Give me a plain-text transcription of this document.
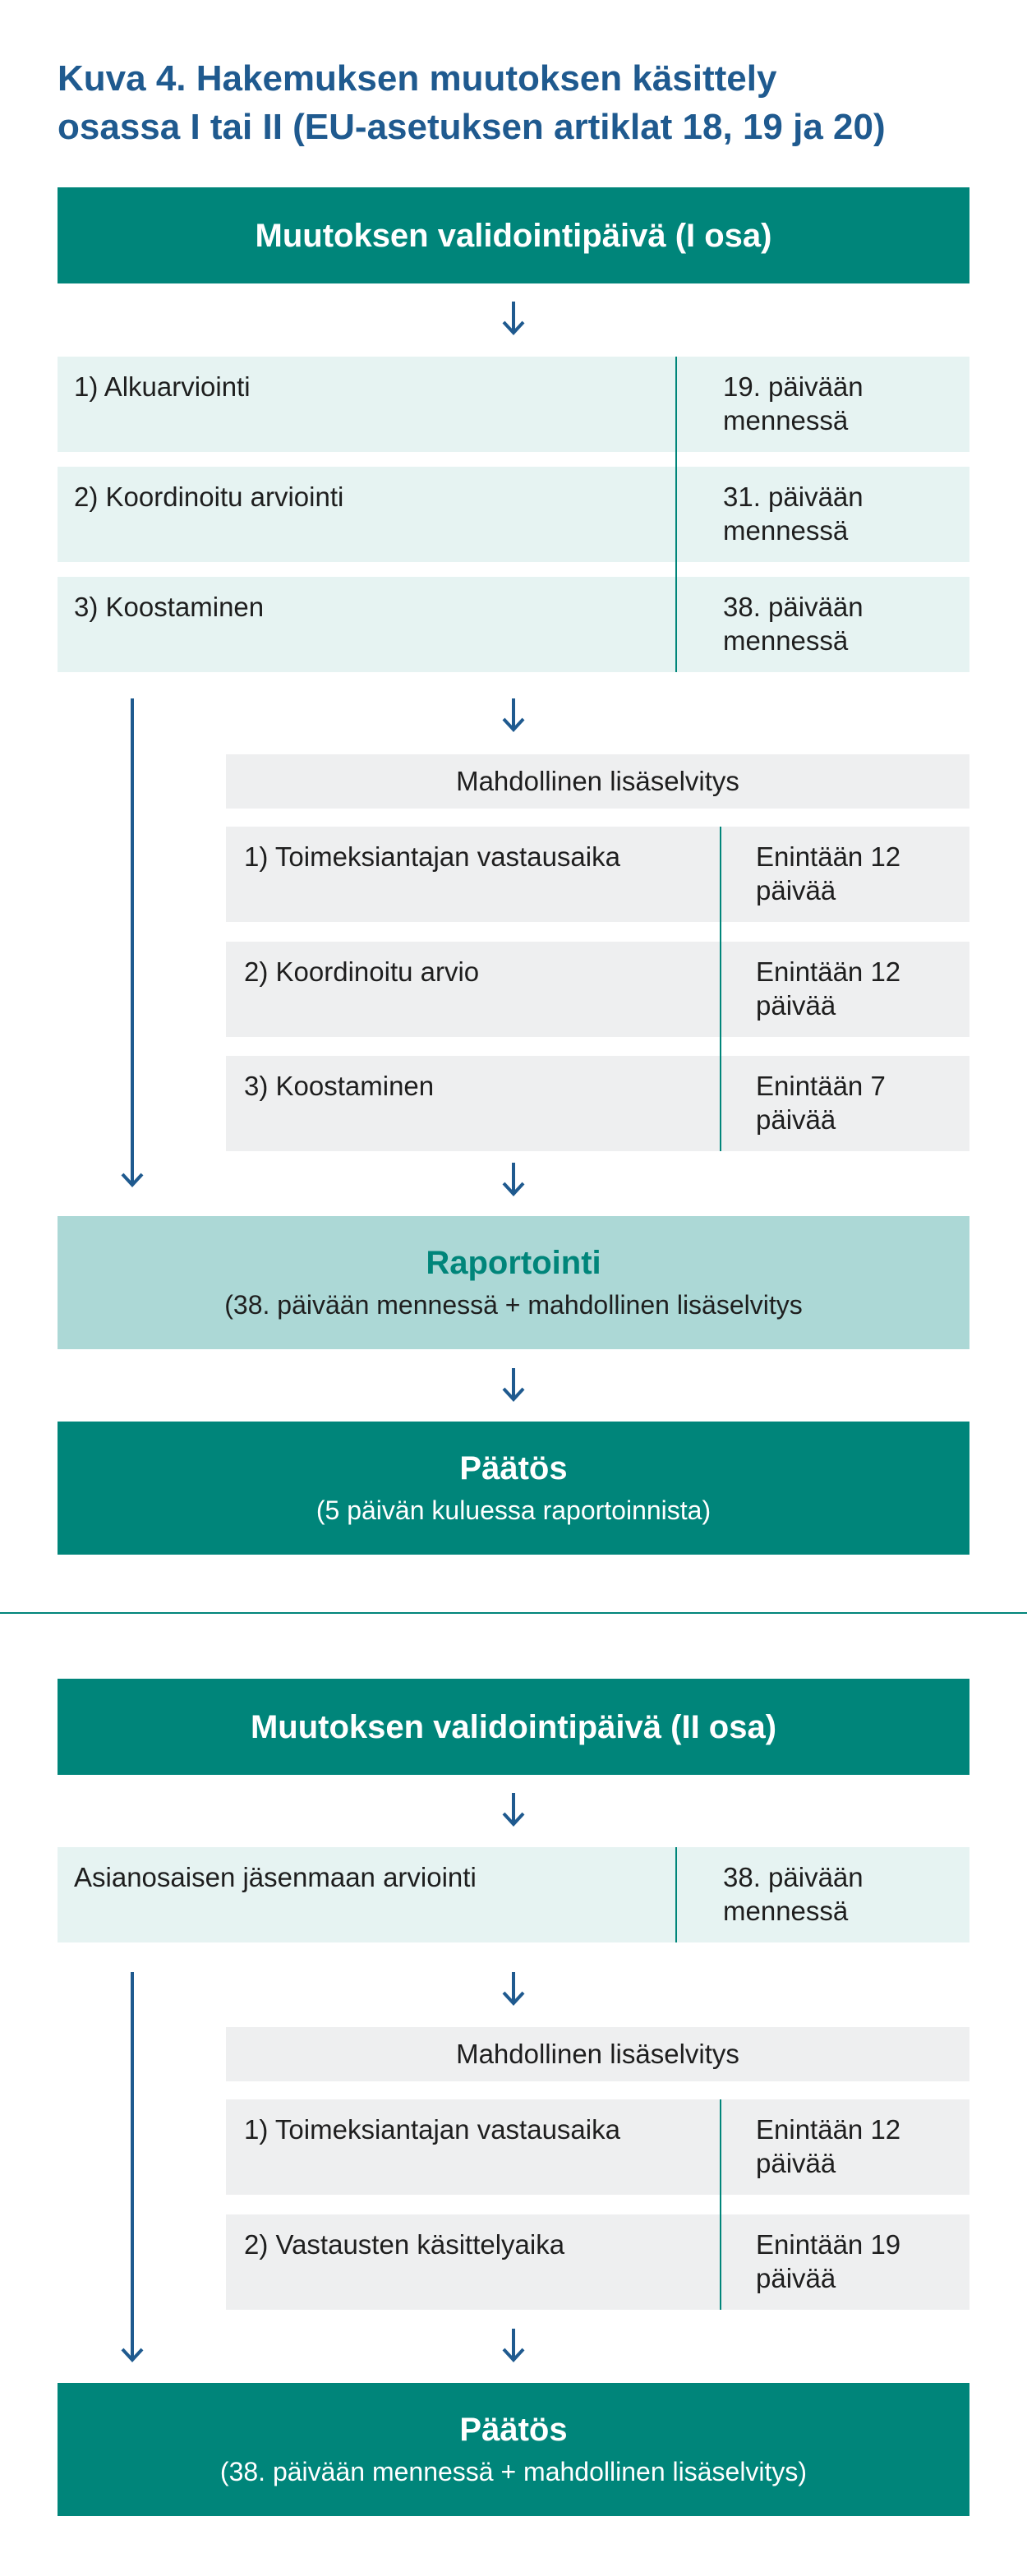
Kuva 4. Hakemuksen muutoksen käsittely
osassa I tai II (EU-asetuksen artiklat 18, 19 ja 20)
Muutoksen validointipäivä (I osa)
1) Alkuarviointi	19. päivään
mennessä
2) Koordinoitu arviointi	31. päivään
mennessä
3) Koostaminen	38. päivään
mennessä
Mahdollinen lisäselvitys
1) Toimeksiantajan vastausaika	Enintään 12
päivää
2) Koordinoitu arvio	Enintään 12
päivää
3) Koostaminen	Enintään 7
päivää
Raportointi
(38. päivään mennessä + mahdollinen lisäselvitys
Päätös
(5 päivän kuluessa raportoinnista)
Muutoksen validointipäivä (II osa)
Asianosaisen jäsenmaan arviointi	38. päivään
mennessä
Mahdollinen lisäselvitys
1) Toimeksiantajan vastausaika	Enintään 12
päivää
2) Vastausten käsittelyaika	Enintään 19
päivää
Päätös
(38. päivään mennessä + mahdollinen lisäselvitys)
